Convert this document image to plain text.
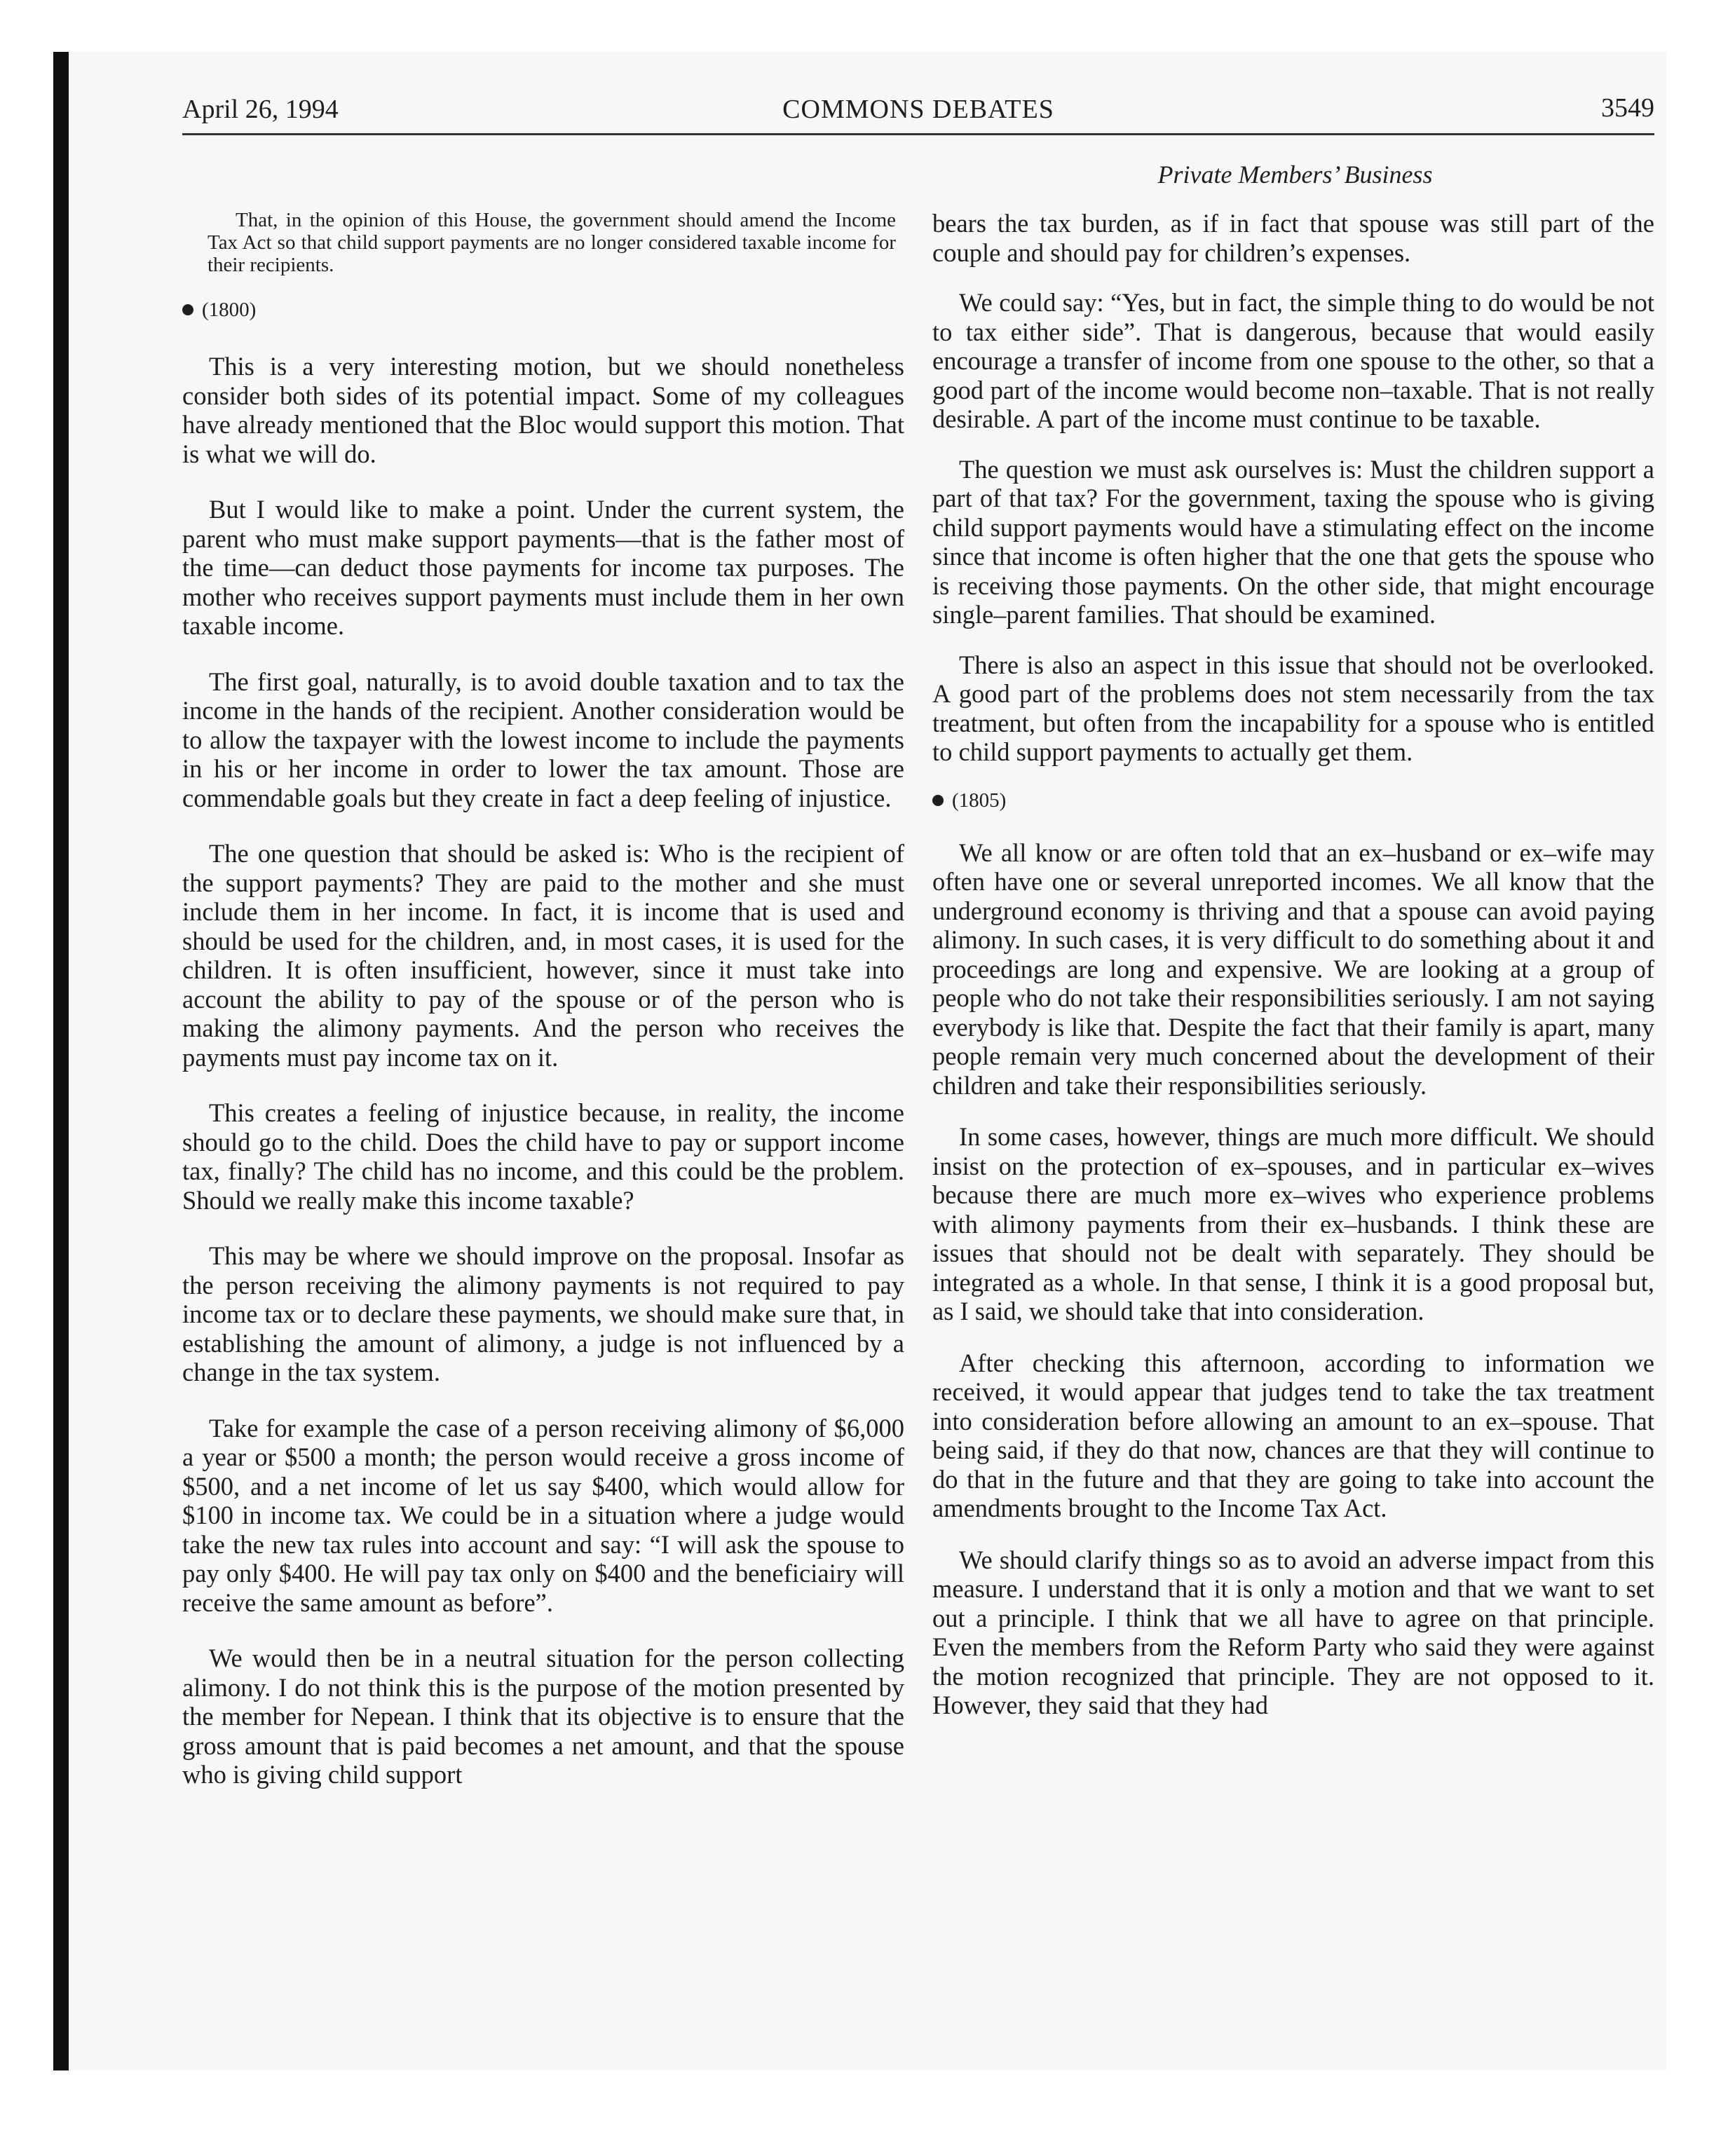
April 26, 1994	COMMONS DEBATES	3549
Private Members’ Business

That, in the opinion of this House, the government should amend the Income Tax Act so that child support payments are no longer considered taxable income for their recipients.

(1800)

This is a very interesting motion, but we should nonetheless consider both sides of its potential impact. Some of my colleagues have already mentioned that the Bloc would support this motion. That is what we will do.

But I would like to make a point. Under the current system, the parent who must make support payments—that is the father most of the time—can deduct those payments for income tax purposes. The mother who receives support payments must include them in her own taxable income.

The first goal, naturally, is to avoid double taxation and to tax the income in the hands of the recipient. Another consideration would be to allow the taxpayer with the lowest income to include the payments in his or her income in order to lower the tax amount. Those are commendable goals but they create in fact a deep feeling of injustice.

The one question that should be asked is: Who is the recipient of the support payments? They are paid to the mother and she must include them in her income. In fact, it is income that is used and should be used for the children, and, in most cases, it is used for the children. It is often insufficient, however, since it must take into account the ability to pay of the spouse or of the person who is making the alimony payments. And the person who receives the payments must pay income tax on it.

This creates a feeling of injustice because, in reality, the income should go to the child. Does the child have to pay or support income tax, finally? The child has no income, and this could be the problem. Should we really make this income taxable?

This may be where we should improve on the proposal. Insofar as the person receiving the alimony payments is not required to pay income tax or to declare these payments, we should make sure that, in establishing the amount of alimony, a judge is not influenced by a change in the tax system.

Take for example the case of a person receiving alimony of $6,000 a year or $500 a month; the person would receive a gross income of $500, and a net income of let us say $400, which would allow for $100 in income tax. We could be in a situation where a judge would take the new tax rules into account and say: “I will ask the spouse to pay only $400. He will pay tax only on $400 and the beneficiairy will receive the same amount as before”.

We would then be in a neutral situation for the person collecting alimony. I do not think this is the purpose of the motion presented by the member for Nepean. I think that its objective is to ensure that the gross amount that is paid becomes a net amount, and that the spouse who is giving child support

bears the tax burden, as if in fact that spouse was still part of the couple and should pay for children’s expenses.

We could say: “Yes, but in fact, the simple thing to do would be not to tax either side”. That is dangerous, because that would easily encourage a transfer of income from one spouse to the other, so that a good part of the income would become non–taxable. That is not really desirable. A part of the income must continue to be taxable.

The question we must ask ourselves is: Must the children support a part of that tax? For the government, taxing the spouse who is giving child support payments would have a stimulating effect on the income since that income is often higher that the one that gets the spouse who is receiving those payments. On the other side, that might encourage single–parent families. That should be examined.

There is also an aspect in this issue that should not be overlooked. A good part of the problems does not stem necessarily from the tax treatment, but often from the incapability for a spouse who is entitled to child support payments to actually get them.

(1805)

We all know or are often told that an ex–husband or ex–wife may often have one or several unreported incomes. We all know that the underground economy is thriving and that a spouse can avoid paying alimony. In such cases, it is very difficult to do something about it and proceedings are long and expensive. We are looking at a group of people who do not take their responsibilities seriously. I am not saying everybody is like that. Despite the fact that their family is apart, many people remain very much concerned about the development of their children and take their responsibilities seriously.

In some cases, however, things are much more difficult. We should insist on the protection of ex–spouses, and in particular ex–wives because there are much more ex–wives who experience problems with alimony payments from their ex–husbands. I think these are issues that should not be dealt with separately. They should be integrated as a whole. In that sense, I think it is a good proposal but, as I said, we should take that into consideration.

After checking this afternoon, according to information we received, it would appear that judges tend to take the tax treatment into consideration before allowing an amount to an ex–spouse. That being said, if they do that now, chances are that they will continue to do that in the future and that they are going to take into account the amendments brought to the Income Tax Act.

We should clarify things so as to avoid an adverse impact from this measure. I understand that it is only a motion and that we want to set out a principle. I think that we all have to agree on that principle. Even the members from the Reform Party who said they were against the motion recognized that principle. They are not opposed to it. However, they said that they had
